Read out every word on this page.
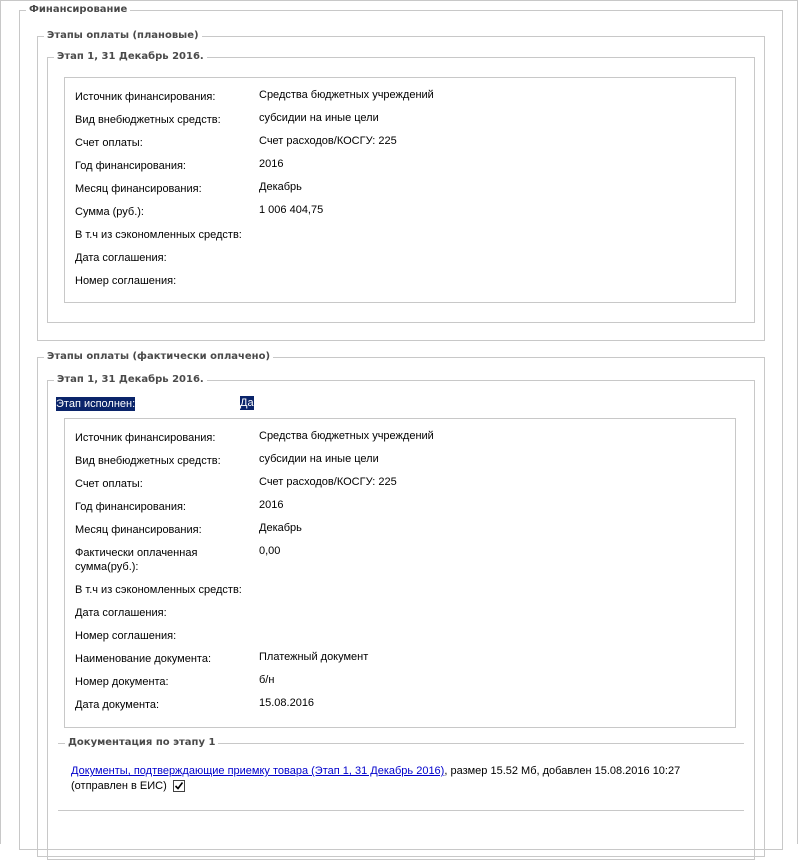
Финансирование
Этапы оплаты (плановые)
Этап 1, 31 Декабрь 2016.
Источник финансирования:	Средства бюджетных учреждений
Вид внебюджетных средств:	субсидии на иные цели
Счет оплаты:	Счет расходов/КОСГУ: 225
Год финансирования:	2016
Месяц финансирования:	Декабрь
Сумма (руб.):	1 006 404,75
В т.ч из сэкономленных средств:
Дата соглашения:
Номер соглашения:
Этапы оплаты (фактически оплачено)
Этап 1, 31 Декабрь 2016.
Этап исполнен:	Да
Источник финансирования:	Средства бюджетных учреждений
Вид внебюджетных средств:	субсидии на иные цели
Счет оплаты:	Счет расходов/КОСГУ: 225
Год финансирования:	2016
Месяц финансирования:	Декабрь
Фактически оплаченная сумма(руб.):
0,00
В т.ч из сэкономленных средств:
Дата соглашения:
Номер соглашения:
Наименование документа:	Платежный документ
Номер документа:	б/н
Дата документа:	15.08.2016
Документация по этапу 1
Документы, подтверждающие приемку товара (Этап 1, 31 Декабрь 2016), размер 15.52 Мб, добавлен 15.08.2016 10:27
(отправлен в ЕИС)
